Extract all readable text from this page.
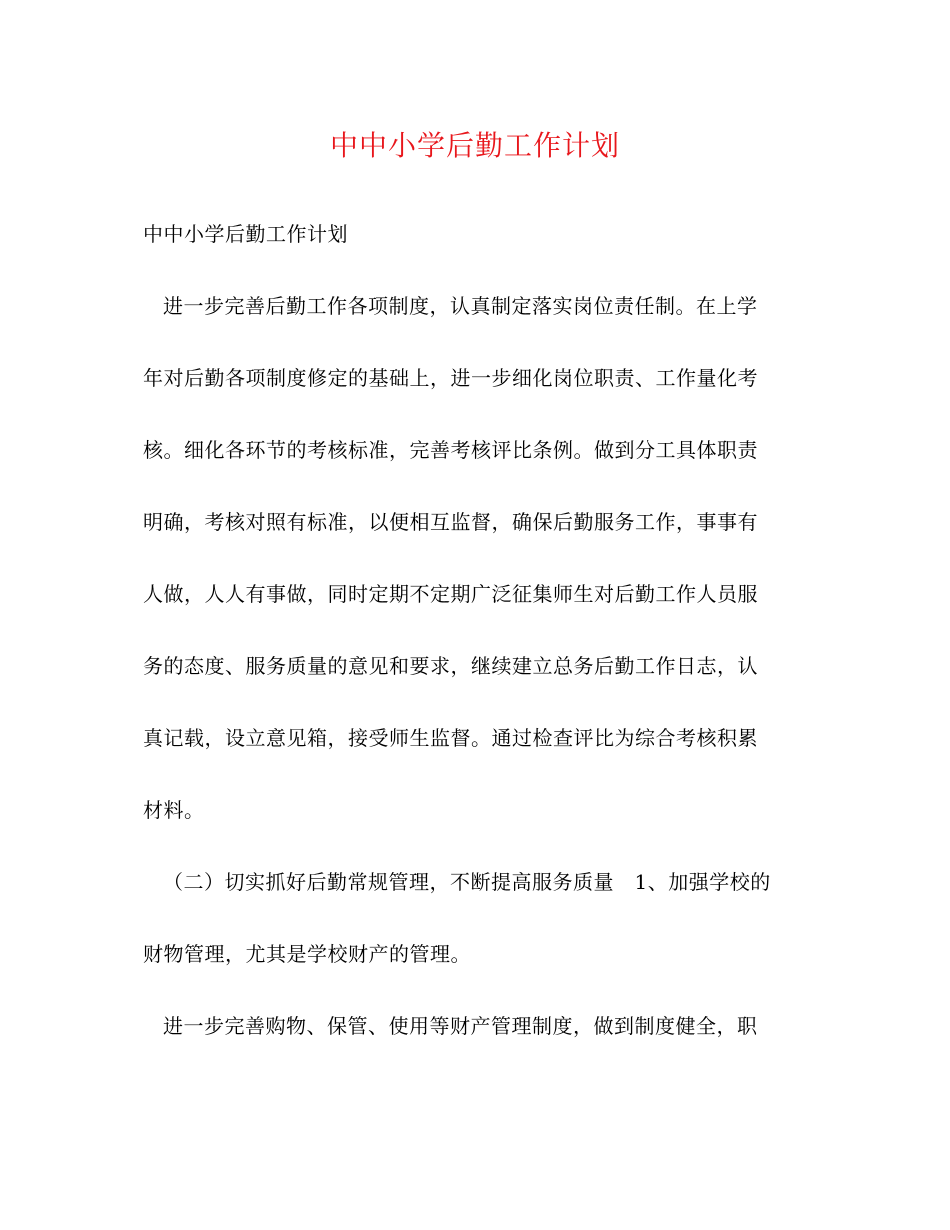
中中小学后勤工作计划
中中小学后勤工作计划
进一步完善后勤工作各项制度，认真制定落实岗位责任制。在上学
年对后勤各项制度修定的基础上，进一步细化岗位职责、工作量化考
核。细化各环节的考核标准，完善考核评比条例。做到分工具体职责
明确，考核对照有标准，以便相互监督，确保后勤服务工作，事事有
人做，人人有事做，同时定期不定期广泛征集师生对后勤工作人员服
务的态度、服务质量的意见和要求，继续建立总务后勤工作日志，认
真记载，设立意见箱，接受师生监督。通过检查评比为综合考核积累
材料。
（二）切实抓好后勤常规管理，不断提高服务质量　1、加强学校的
财物管理，尤其是学校财产的管理。
进一步完善购物、保管、使用等财产管理制度，做到制度健全，职
